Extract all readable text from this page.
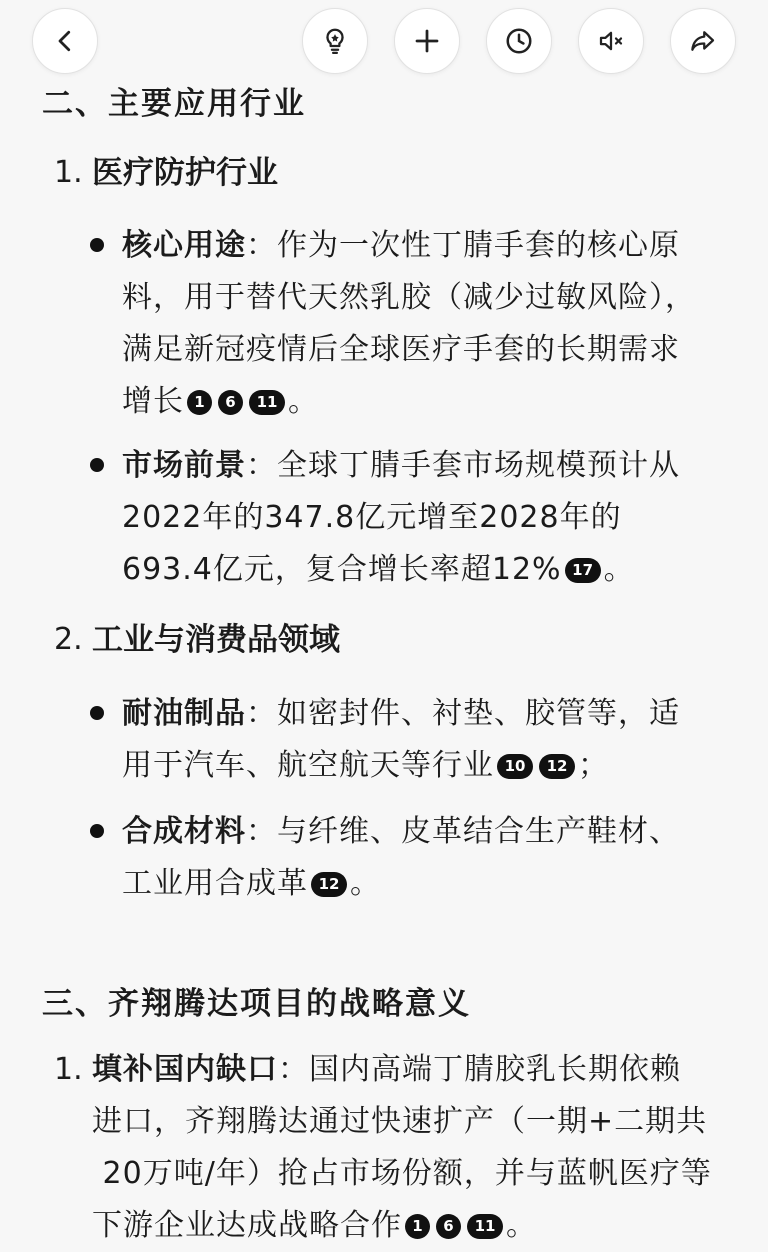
二、主要应用行业
1. 医疗防护行业
核心用途：作为一次性丁腈手套的核心原
料，用于替代天然乳胶（减少过敏风险），
满足新冠疫情后全球医疗手套的长期需求
增长 1 6 11 。
市场前景：全球丁腈手套市场规模预计从
2022年的347.8亿元增至2028年的
693.4亿元，复合增长率超12% 17 。
2. 工业与消费品领域
耐油制品：如密封件、衬垫、胶管等，适
用于汽车、航空航天等行业 10 12 ；
合成材料：与纤维、皮革结合生产鞋材、
工业用合成革 12 。
三、齐翔腾达项目的战略意义
1. 填补国内缺口：国内高端丁腈胶乳长期依赖
进口，齐翔腾达通过快速扩产（一期+二期共
20万吨/年）抢占市场份额，并与蓝帆医疗等
下游企业达成战略合作 1 6 11 。
